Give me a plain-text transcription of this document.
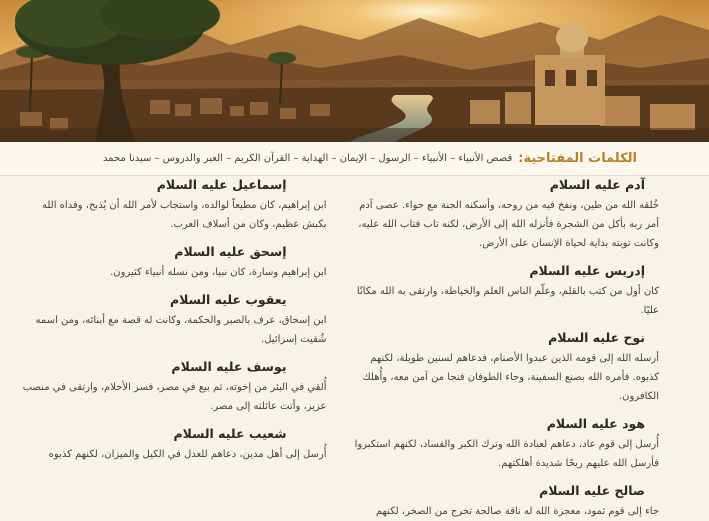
الكلمات المفتاحية:
قصص الأنبياء – الأنبياء – الرسول – الإيمان – الهداية – القرآن الكريم – العبر والدروس – سيدنا محمد
آدم عليه السلام

خُلقه الله من طين، ونفخ فيه من روحه، وأسكنه الجنة مع حواء. عصى آدم أمر ربه بأكل من الشجرة فأنزله الله إلى الأرض، لكنه تاب فتاب الله عليه، وكانت توبته بداية لحياة الإنسان على الأرض.

إدريس عليه السلام

كان أول من كتب بالقلم، وعلّم الناس العلم والخياطة، وارتقى به الله مكانًا عليًا.

نوح عليه السلام

أرسله الله إلى قومه الذين عبدوا الأصنام، فدعاهم لسنين طويلة، لكنهم كذبوه. فأمره الله بصنع السفينة، وجاء الطوفان فنجا من آمن معه، وأُهلك الكافرون.

هود عليه السلام

أُرسل إلى قوم عاد، دعاهم لعبادة الله وترك الكبر والفساد، لكنهم استكبروا فأرسل الله عليهم ريحًا شديدة أهلكتهم.

صالح عليه السلام

جاء إلى قوم ثمود، معجزة الله له ناقة صالحة تخرج من الصخر، لكنهم

إسماعيل عليه السلام

ابن إبراهيم، كان مطيعاً لوالده، واستجاب لأمر الله أن يُذبح، وفداه الله بكبش عظيم، وكان من أسلاف العرب.

إسحق عليه السلام

ابن إبراهيم وسارة، كان نبيا، ومن نسله أنبياء كثيرون.

يعقوب عليه السلام

ابن إسحاق، عرف بالصبر والحكمة، وكانت له قصة مع أبنائه، ومن اسمه شُقيت إسرائيل.

يوسف عليه السلام

أُلقي في البئر من إخوته، ثم بيع في مصر، فسر الأحلام، وارتقى في منصب عزيز، وأتت عائلته إلى مصر.

شعيب عليه السلام

أُرسل إلى أهل مدين، دعاهم للعدل في الكيل والميزان، لكنهم كذبوه
